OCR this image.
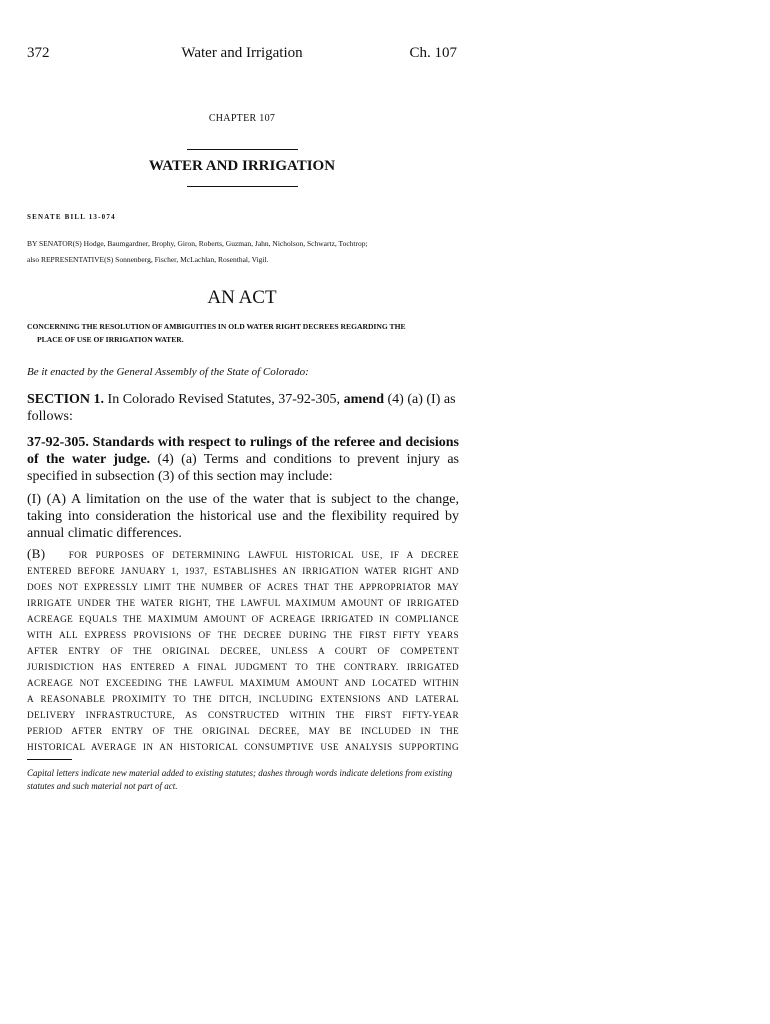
372	Water and Irrigation	Ch. 107
CHAPTER 107
WATER AND IRRIGATION
SENATE BILL 13-074
BY SENATOR(S) Hodge, Baumgardner, Brophy, Giron, Roberts, Guzman, Jahn, Nicholson, Schwartz, Tochtrop;
also REPRESENTATIVE(S) Sonnenberg, Fischer, McLachlan, Rosenthal, Vigil.
AN ACT
CONCERNING THE RESOLUTION OF AMBIGUITIES IN OLD WATER RIGHT DECREES REGARDING THE
PLACE OF USE OF IRRIGATION WATER.
Be it enacted by the General Assembly of the State of Colorado:

SECTION 1. In Colorado Revised Statutes, 37-92-305, amend (4) (a) (I) as follows:

37-92-305. Standards with respect to rulings of the referee and decisions of the water judge. (4) (a) Terms and conditions to prevent injury as specified in subsection (3) of this section may include:

(I) (A) A limitation on the use of the water that is subject to the change, taking into consideration the historical use and the flexibility required by annual climatic differences.

(B)	FOR PURPOSES OF DETERMINING LAWFUL HISTORICAL USE, IF A DECREE
ENTERED BEFORE JANUARY 1, 1937, ESTABLISHES AN IRRIGATION WATER RIGHT AND
DOES NOT EXPRESSLY LIMIT THE NUMBER OF ACRES THAT THE APPROPRIATOR MAY
IRRIGATE UNDER THE WATER RIGHT, THE LAWFUL MAXIMUM AMOUNT OF IRRIGATED
ACREAGE EQUALS THE MAXIMUM AMOUNT OF ACREAGE IRRIGATED IN COMPLIANCE
WITH ALL EXPRESS PROVISIONS OF THE DECREE DURING THE FIRST FIFTY YEARS
AFTER ENTRY OF THE ORIGINAL DECREE, UNLESS A COURT OF COMPETENT
JURISDICTION HAS ENTERED A FINAL JUDGMENT TO THE CONTRARY. IRRIGATED
ACREAGE NOT EXCEEDING THE LAWFUL MAXIMUM AMOUNT AND LOCATED WITHIN
A REASONABLE PROXIMITY TO THE DITCH, INCLUDING EXTENSIONS AND LATERAL
DELIVERY INFRASTRUCTURE, AS CONSTRUCTED WITHIN THE FIRST FIFTY-YEAR
PERIOD AFTER ENTRY OF THE ORIGINAL DECREE, MAY BE INCLUDED IN THE
HISTORICAL AVERAGE IN AN HISTORICAL CONSUMPTIVE USE ANALYSIS SUPPORTING
Capital letters indicate new material added to existing statutes; dashes through words indicate deletions from existing statutes and such material not part of act.
